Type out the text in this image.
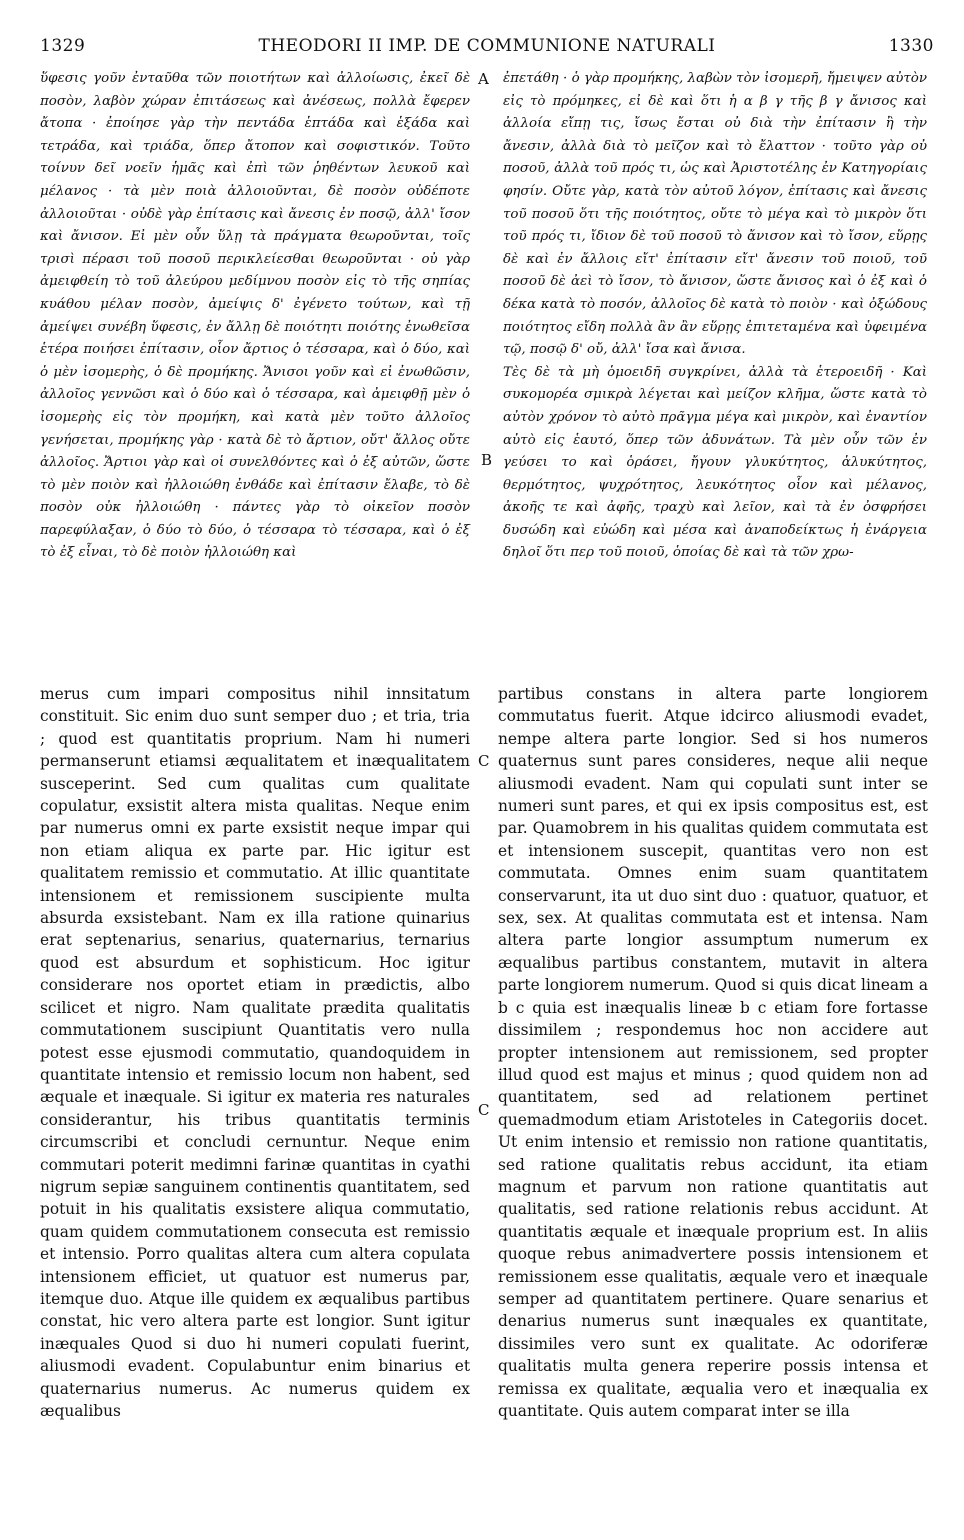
1329	THEODORI II IMP. DE COMMUNIONE NATURALI	1330

ὕφεσις γοῦν ἐνταῦθα τῶν ποιοτήτων καὶ ἀλλοίωσις, ἐκεῖ δὲ ποσὸν, λαβὸν χώραν ἐπιτάσεως καὶ ἀνέσεως, πολλὰ ἔφερεν ἄτοπα · ἐποίησε γὰρ τὴν πεντάδα ἑπτάδα καὶ ἑξάδα καὶ τετράδα, καὶ τριάδα, ὅπερ ἄτοπον καὶ σοφιστικόν. Τοῦτο τοίνυν δεῖ νοεῖν ἡμᾶς καὶ ἐπὶ τῶν ῥηθέντων λευκοῦ καὶ μέλανος · τὰ μὲν ποιὰ ἀλλοιοῦνται, δὲ ποσὸν οὐδέποτε ἀλλοιοῦται · οὐδὲ γὰρ ἐπίτασις καὶ ἄνεσις ἐν ποσῷ, ἀλλ' ἴσον καὶ ἄνισον. Εἰ μὲν οὖν ὕλῃ τὰ πράγματα θεωροῦνται, τοῖς τρισὶ πέρασι τοῦ ποσοῦ περικλείεσθαι θεωροῦνται · οὐ γὰρ ἀμειφθείη τὸ τοῦ ἀλεύρου μεδίμνου ποσὸν εἰς τὸ τῆς σηπίας κυάθου μέλαν ποσὸν, ἀμείψις δ' ἐγένετο τούτων, καὶ τῇ ἀμείψει συνέβη ὕφεσις, ἐν ἄλλῃ δὲ ποιότητι ποιότης ἐνωθεῖσα ἑτέρα ποιήσει ἐπίτασιν, οἷον ἄρτιος ὁ τέσσαρα, καὶ ὁ δύο, καὶ ὁ μὲν ἰσομερὴς, ὁ δὲ προμήκης. Ἄνισοι γοῦν καὶ εἰ ἐνωθῶσιν, ἀλλοῖος γεννῶσι καὶ ὁ δύο καὶ ὁ τέσσαρα, καὶ ἀμειφθῇ μὲν ὁ ἰσομερὴς εἰς τὸν προμήκη, καὶ κατὰ μὲν τοῦτο ἀλλοῖος γενήσεται, προμήκης γὰρ · κατὰ δὲ τὸ ἄρτιον, οὔτ' ἄλλος οὔτε ἀλλοῖος. Ἄρτιοι γὰρ καὶ οἱ συνελθόντες καὶ ὁ ἐξ αὐτῶν, ὥστε τὸ μὲν ποιὸν καὶ ἠλλοιώθη ἐνθάδε καὶ ἐπίτασιν ἔλαβε, τὸ δὲ ποσὸν οὐκ ἠλλοιώθη · πάντες γὰρ τὸ οἰκεῖον ποσὸν παρεφύλαξαν, ὁ δύο τὸ δύο, ὁ τέσσαρα τὸ τέσσαρα, καὶ ὁ ἐξ τὸ ἐξ εἶναι, τὸ δὲ ποιὸν ἠλλοιώθη καὶ

A ἐπετάθη · ὁ γὰρ προμήκης, λαβὼν τὸν ἰσομερῆ, ἤμειψεν αὐτὸν εἰς τὸ πρόμηκες, εἰ δὲ καὶ ὅτι ἡ α β γ τῆς β γ ἄνισος καὶ ἀλλοία εἴπῃ τις, ἴσως ἔσται οὐ διὰ τὴν ἐπίτασιν ἢ τὴν ἄνεσιν, ἀλλὰ διὰ τὸ μεῖζον καὶ τὸ ἔλαττον · τοῦτο γὰρ οὐ ποσοῦ, ἀλλὰ τοῦ πρός τι, ὡς καὶ Ἀριστοτέλης ἐν Κατηγορίαις φησίν. Οὔτε γὰρ, κατὰ τὸν αὐτοῦ λόγον, ἐπίτασις καὶ ἄνεσις τοῦ ποσοῦ ὅτι τῆς ποιότητος, οὔτε τὸ μέγα καὶ τὸ μικρὸν ὅτι τοῦ πρός τι, ἴδιον δὲ τοῦ ποσοῦ τὸ ἄνισον καὶ τὸ ἴσον, εὕρῃς δὲ καὶ ἐν ἄλλοις εἴτ' ἐπίτασιν εἴτ' ἄνεσιν τοῦ ποιοῦ, τοῦ ποσοῦ δὲ ἀεὶ τὸ ἴσον, τὸ ἄνισον, ὥστε ἄνισος καὶ ὁ ἐξ καὶ ὁ δέκα κατὰ τὸ ποσόν, ἀλλοῖος δὲ κατὰ τὸ ποιὸν · καὶ ὀξώδους ποιότητος εἴδη πολλὰ ἂν ἂν εὕρῃς ἐπιτεταμένα καὶ ὑφειμένα τῷ, ποσῷ δ' οὔ, ἀλλ' ἴσα καὶ ἄνισα.

Τὲς δὲ τὰ μὴ ὁμοειδῆ συγκρίνει, ἀλλὰ τὰ ἑτεροειδῆ · Καὶ συκομορέα σμικρὰ λέγεται καὶ μείζον κλῆμα, ὥστε κατὰ τὸ αὐτὸν χρόνον τὸ αὐτὸ πρᾶγμα μέγα καὶ μικρὸν, καὶ ἐναντίον αὐτὸ εἰς ἑαυτό, ὅπερ τῶν ἀδυνάτων. Τὰ μὲν οὖν τῶν ἐν γεύσει το καὶ ὁράσει, ἤγουν γλυκύτητος, ἁλυκύτητος, θερμότητος, ψυχρότητος, λευκότητος οἷον καὶ μέλανος, ἀκοῆς τε καὶ ἀφῆς, τραχὺ καὶ λεῖον, καὶ τὰ ἐν ὀσφρήσει δυσώδη καὶ εὐώδη καὶ μέσα καὶ ἀναποδείκτως ἡ ἐνάργεια δηλοῖ ὅτι περ τοῦ ποιοῦ, ὁποίας δὲ καὶ τὰ τῶν χρω-

B

merus cum impari compositus nihil innsitatum constituit. Sic enim duo sunt semper duo ; et tria, tria ; quod est quantitatis proprium. Nam hi numeri permanserunt etiamsi æqualitatem et inæqualitatem susceperint. Sed cum qualitas cum qualitate copulatur, exsistit altera mista qualitas. Neque enim par numerus omni ex parte exsistit neque impar qui non etiam aliqua ex parte par. Hic igitur est qualitatem remissio et commutatio. At illic quantitate intensionem et remissionem suscipiente multa absurda exsistebant. Nam ex illa ratione quinarius erat septenarius, senarius, quaternarius, ternarius quod est absurdum et sophisticum. Hoc igitur considerare nos oportet etiam in prædictis, albo scilicet et nigro. Nam qualitate prædita qualitatis commutationem suscipiunt Quantitatis vero nulla potest esse ejusmodi commutatio, quandoquidem in quantitate intensio et remissio locum non habent, sed æquale et inæquale. Si igitur ex materia res naturales considerantur, his tribus quantitatis terminis circumscribi et concludi cernuntur. Neque enim commutari poterit medimni farinæ quantitas in cyathi nigrum sepiæ sanguinem continentis quantitatem, sed potuit in his qualitatis exsistere aliqua commutatio, quam quidem commutationem consecuta est remissio et intensio. Porro qualitas altera cum altera copulata intensionem efficiet, ut quatuor est numerus par, itemque duo. Atque ille quidem ex æqualibus partibus constat, hic vero altera parte est longior. Sunt igitur inæquales Quod si duo hi numeri copulati fuerint, aliusmodi evadent. Copulabuntur enim binarius et quaternarius numerus. Ac numerus quidem ex æqualibus

C
C

partibus constans in altera parte longiorem commutatus fuerit. Atque idcirco aliusmodi evadet, nempe altera parte longior. Sed si hos numeros quaternus sunt pares consideres, neque alii neque aliusmodi evadent. Nam qui copulati sunt inter se numeri sunt pares, et qui ex ipsis compositus est, est par. Quamobrem in his qualitas quidem commutata est et intensionem suscepit, quantitas vero non est commutata. Omnes enim suam quantitatem conservarunt, ita ut duo sint duo : quatuor, quatuor, et sex, sex. At qualitas commutata est et intensa. Nam altera parte longior assumptum numerum ex æqualibus partibus constantem, mutavit in altera parte longiorem numerum. Quod si quis dicat lineam a b c quia est inæqualis lineæ b c etiam fore fortasse dissimilem ; respondemus hoc non accidere aut propter intensionem aut remissionem, sed propter illud quod est majus et minus ; quod quidem non ad quantitatem, sed ad relationem pertinet quemadmodum etiam Aristoteles in Categoriis docet. Ut enim intensio et remissio non ratione quantitatis, sed ratione qualitatis rebus accidunt, ita etiam magnum et parvum non ratione quantitatis aut qualitatis, sed ratione relationis rebus accidunt. At quantitatis æquale et inæquale proprium est. In aliis quoque rebus animadvertere possis intensionem et remissionem esse qualitatis, æquale vero et inæquale semper ad quantitatem pertinere. Quare senarius et denarius numerus sunt inæquales ex quantitate, dissimiles vero sunt ex qualitate. Ac odoriferæ qualitatis multa genera reperire possis intensa et remissa ex qualitate, æqualia vero et inæqualia ex quantitate. Quis autem comparat inter se illa
